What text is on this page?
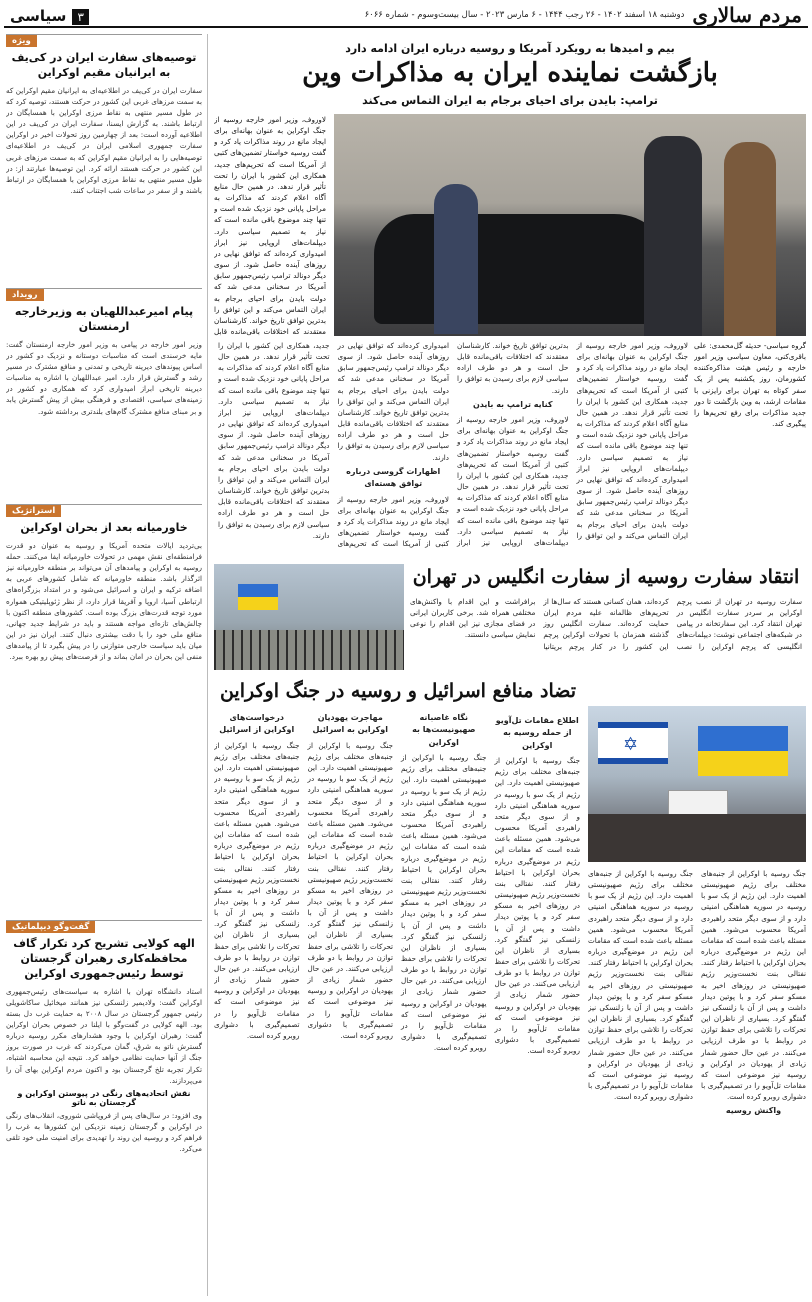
مردم سالاری
دوشنبه ۱۸ اسفند ۱۴۰۲ - ۲۶ رجب ۱۴۴۴ - ۶ مارس ۲۰۲۳ - سال بیست‌وسوم - شماره ۶۰۶۶
۳سیاسی
ویژه
توصیه‌های سفارت ایران در کی‌یف به ایرانیان مقیم اوکراین

سفارت ایران در کی‌یف در اطلاعیه‌ای به ایرانیان مقیم اوکراین که به سمت مرزهای غربی این کشور در حرکت هستند، توصیه کرد که در طول مسیر منتهی به نقاط مرزی اوکراین با همسایگان در ارتباط باشند. به گزارش ایسنا، سفارت ایران در کی‌یف در این اطلاعیه آورده است: بعد از چهارمین روز تحولات اخیر در اوکراین سفارت جمهوری اسلامی ایران در کی‌یف در اطلاعیه‌ای توصیه‌هایی را به ایرانیان مقیم اوکراین که به سمت مرزهای غربی این کشور در حرکت هستند ارائه کرد. این توصیه‌ها عبارتند از: در طول مسیر منتهی به نقاط مرزی اوکراین با همسایگان در ارتباط باشند و از سفر در ساعات شب اجتناب کنند.

رویداد
پیام امیرعبداللهیان به وزیرخارجه ارمنستان

وزیر امور خارجه در پیامی به وزیر امور خارجه ارمنستان گفت: مایه خرسندی است که مناسبات دوستانه و نزدیک دو کشور در اساس پیوندهای دیرینه تاریخی و تمدنی و منافع مشترک در مسیر رشد و گسترش قرار دارد. امیر عبداللهیان با اشاره به مناسبات دیرینه تاریخی ابراز امیدواری کرد که همکاری دو کشور در زمینه‌های سیاسی، اقتصادی و فرهنگی بیش از پیش گسترش یابد و بر مبنای منافع مشترک گام‌های بلندتری برداشته شود.

استراتژیک
خاورمیانه بعد از بحران اوکراین

بی‌تردید ایالات متحده آمریکا و روسیه به عنوان دو قدرت فرامنطقه‌ای نقش مهمی در تحولات خاورمیانه ایفا می‌کنند. حمله روسیه به اوکراین و پیامدهای آن می‌تواند بر منطقه خاورمیانه نیز اثرگذار باشد. منطقه خاورمیانه که شامل کشورهای عربی به اضافه ترکیه و ایران و اسرائیل می‌شود و در امتداد بزرگراه‌های ارتباطی آسیا، اروپا و آفریقا قرار دارد، از نظر ژئوپلیتیکی همواره مورد توجه قدرت‌های بزرگ بوده است. کشورهای منطقه اکنون با چالش‌های تازه‌ای مواجه هستند و باید در شرایط جدید جهانی، منافع ملی خود را با دقت بیشتری دنبال کنند. ایران نیز در این میان باید سیاست خارجی متوازنی را در پیش بگیرد تا از پیامدهای منفی این بحران در امان بماند و از فرصت‌های پیش رو بهره ببرد.

گفت‌وگو دیپلماتیک
الهه کولایی تشریح کرد تکرار گاف محافظه‌کاری رهبران گرجستان توسط رئیس‌جمهوری اوکراین

استاد دانشگاه تهران با اشاره به سیاست‌های رئیس‌جمهوری اوکراین گفت: ولادیمیر زلنسکی نیز همانند میخائیل ساکاشویلی رئیس جمهور گرجستان در سال ۲۰۰۸ به حمایت غرب دل بسته بود. الهه کولایی در گفت‌وگو با ایلنا در خصوص بحران اوکراین گفت: رهبران اوکراین با وجود هشدارهای مکرر روسیه درباره گسترش ناتو به شرق، گمان می‌کردند که غرب در صورت بروز جنگ از آنها حمایت نظامی خواهد کرد. نتیجه این محاسبه اشتباه، تکرار تجربه تلخ گرجستان بود و اکنون مردم اوکراین بهای آن را می‌پردازند.

نقش اتحادیه‌های رنگی در پیوستن اوکراین و گرجستان به ناتو

وی افزود: در سال‌های پس از فروپاشی شوروی، انقلاب‌های رنگی در اوکراین و گرجستان زمینه نزدیکی این کشورها به غرب را فراهم کرد و روسیه این روند را تهدیدی برای امنیت ملی خود تلقی می‌کرد.

بیم و امیدها به رویکرد آمریکا و روسیه درباره ایران ادامه دارد
بازگشت نماینده ایران به مذاکرات وین
ترامپ: بایدن برای احیای برجام به ایران التماس می‌کند

لاوروف، وزیر امور خارجه روسیه از جنگ اوکراین به عنوان بهانه‌ای برای ایجاد مانع در روند مذاکرات یاد کرد و گفت روسیه خواستار تضمین‌های کتبی از آمریکا است که تحریم‌های جدید، همکاری این کشور با ایران را تحت تأثیر قرار ندهد. در همین حال منابع آگاه اعلام کردند که مذاکرات به مراحل پایانی خود نزدیک شده است و تنها چند موضوع باقی مانده است که نیاز به تصمیم سیاسی دارد. دیپلمات‌های اروپایی نیز ابراز امیدواری کرده‌اند که توافق نهایی در روزهای آینده حاصل شود. از سوی دیگر دونالد ترامپ رئیس‌جمهور سابق آمریکا در سخنانی مدعی شد که دولت بایدن برای احیای برجام به ایران التماس می‌کند و این توافق را بدترین توافق تاریخ خواند. کارشناسان معتقدند که اختلافات باقی‌مانده قابل

گروه سیاسی- حدیثه گل‌محمدی: علی باقری‌کنی، معاون سیاسی وزیر امور خارجه و رئیس هیئت مذاکره‌کننده کشورمان، روز یکشنبه پس از یک سفر کوتاه به تهران برای رایزنی با مقامات ارشد، به وین بازگشت تا دور جدید مذاکرات برای رفع تحریم‌ها را پیگیری کند.

لاوروف، وزیر امور خارجه روسیه از جنگ اوکراین به عنوان بهانه‌ای برای ایجاد مانع در روند مذاکرات یاد کرد و گفت روسیه خواستار تضمین‌های کتبی از آمریکا است که تحریم‌های جدید، همکاری این کشور با ایران را تحت تأثیر قرار ندهد. در همین حال منابع آگاه اعلام کردند که مذاکرات به مراحل پایانی خود نزدیک شده است و تنها چند موضوع باقی مانده است که نیاز به تصمیم سیاسی دارد. دیپلمات‌های اروپایی نیز ابراز امیدواری کرده‌اند که توافق نهایی در روزهای آینده حاصل شود. از سوی دیگر دونالد ترامپ رئیس‌جمهور سابق آمریکا در سخنانی مدعی شد که دولت بایدن برای احیای برجام به ایران التماس می‌کند و این توافق را بدترین توافق تاریخ خواند. کارشناسان معتقدند که اختلافات باقی‌مانده قابل حل است و هر دو طرف اراده سیاسی لازم برای رسیدن به توافق را دارند.
کنایه ترامپ به بایدن
لاوروف، وزیر امور خارجه روسیه از جنگ اوکراین به عنوان بهانه‌ای برای ایجاد مانع در روند مذاکرات یاد کرد و گفت روسیه خواستار تضمین‌های کتبی از آمریکا است که تحریم‌های جدید، همکاری این کشور با ایران را تحت تأثیر قرار ندهد. در همین حال منابع آگاه اعلام کردند که مذاکرات به مراحل پایانی خود نزدیک شده است و تنها چند موضوع باقی مانده است که نیاز به تصمیم سیاسی دارد. دیپلمات‌های اروپایی نیز ابراز امیدواری کرده‌اند که توافق نهایی در روزهای آینده حاصل شود. از سوی دیگر دونالد ترامپ رئیس‌جمهور سابق آمریکا در سخنانی مدعی شد که دولت بایدن برای احیای برجام به ایران التماس می‌کند و این توافق را بدترین توافق تاریخ خواند. کارشناسان معتقدند که اختلافات باقی‌مانده قابل حل است و هر دو طرف اراده سیاسی لازم برای رسیدن به توافق را دارند.
اظهارات گروسی درباره توافق هسته‌ای
لاوروف، وزیر امور خارجه روسیه از جنگ اوکراین به عنوان بهانه‌ای برای ایجاد مانع در روند مذاکرات یاد کرد و گفت روسیه خواستار تضمین‌های کتبی از آمریکا است که تحریم‌های جدید، همکاری این کشور با ایران را تحت تأثیر قرار ندهد. در همین حال منابع آگاه اعلام کردند که مذاکرات به مراحل پایانی خود نزدیک شده است و تنها چند موضوع باقی مانده است که نیاز به تصمیم سیاسی دارد. دیپلمات‌های اروپایی نیز ابراز امیدواری کرده‌اند که توافق نهایی در روزهای آینده حاصل شود. از سوی دیگر دونالد ترامپ رئیس‌جمهور سابق آمریکا در سخنانی مدعی شد که دولت بایدن برای احیای برجام به ایران التماس می‌کند و این توافق را بدترین توافق تاریخ خواند. کارشناسان معتقدند که اختلافات باقی‌مانده قابل حل است و هر دو طرف اراده سیاسی لازم برای رسیدن به توافق را دارند.
انتقاد سفارت روسیه از سفارت انگلیس در تهران
سفارت روسیه در تهران از نصب پرچم اوکراین بر سردر سفارت انگلیس در تهران انتقاد کرد. این سفارتخانه در پیامی در شبکه‌های اجتماعی نوشت: دیپلمات‌های انگلیسی که پرچم اوکراین را نصب کرده‌اند، همان کسانی هستند که سال‌ها از تحریم‌های ظالمانه علیه مردم ایران حمایت کرده‌اند. سفارت انگلیس روز گذشته همزمان با تحولات اوکراین پرچم این کشور را در کنار پرچم بریتانیا برافراشت و این اقدام با واکنش‌های مختلفی همراه شد. برخی کاربران ایرانی در فضای مجازی نیز این اقدام را نوعی نمایش سیاسی دانستند.
تضاد منافع اسرائیل و روسیه در جنگ اوکراین
✡
جنگ روسیه با اوکراین از جنبه‌های مختلف برای رژیم صهیونیستی اهمیت دارد. این رژیم از یک سو با روسیه در سوریه هماهنگی امنیتی دارد و از سوی دیگر متحد راهبردی آمریکا محسوب می‌شود. همین مسئله باعث شده است که مقامات این رژیم در موضع‌گیری درباره بحران اوکراین با احتیاط رفتار کنند. نفتالی بنت نخست‌وزیر رژیم صهیونیستی در روزهای اخیر به مسکو سفر کرد و با پوتین دیدار داشت و پس از آن با زلنسکی نیز گفتگو کرد. بسیاری از ناظران این تحرکات را تلاشی برای حفظ توازن در روابط با دو طرف ارزیابی می‌کنند. در عین حال حضور شمار زیادی از یهودیان در اوکراین و روسیه نیز موضوعی است که مقامات تل‌آویو را در تصمیم‌گیری با دشواری روبرو کرده است.
واکنش روسیه
جنگ روسیه با اوکراین از جنبه‌های مختلف برای رژیم صهیونیستی اهمیت دارد. این رژیم از یک سو با روسیه در سوریه هماهنگی امنیتی دارد و از سوی دیگر متحد راهبردی آمریکا محسوب می‌شود. همین مسئله باعث شده است که مقامات این رژیم در موضع‌گیری درباره بحران اوکراین با احتیاط رفتار کنند. نفتالی بنت نخست‌وزیر رژیم صهیونیستی در روزهای اخیر به مسکو سفر کرد و با پوتین دیدار داشت و پس از آن با زلنسکی نیز گفتگو کرد. بسیاری از ناظران این تحرکات را تلاشی برای حفظ توازن در روابط با دو طرف ارزیابی می‌کنند. در عین حال حضور شمار زیادی از یهودیان در اوکراین و روسیه نیز موضوعی است که مقامات تل‌آویو را در تصمیم‌گیری با دشواری روبرو کرده است.
اطلاع مقامات تل‌آویو از حمله روسیه به اوکراین
جنگ روسیه با اوکراین از جنبه‌های مختلف برای رژیم صهیونیستی اهمیت دارد. این رژیم از یک سو با روسیه در سوریه هماهنگی امنیتی دارد و از سوی دیگر متحد راهبردی آمریکا محسوب می‌شود. همین مسئله باعث شده است که مقامات این رژیم در موضع‌گیری درباره بحران اوکراین با احتیاط رفتار کنند. نفتالی بنت نخست‌وزیر رژیم صهیونیستی در روزهای اخیر به مسکو سفر کرد و با پوتین دیدار داشت و پس از آن با زلنسکی نیز گفتگو کرد. بسیاری از ناظران این تحرکات را تلاشی برای حفظ توازن در روابط با دو طرف ارزیابی می‌کنند. در عین حال حضور شمار زیادی از یهودیان در اوکراین و روسیه نیز موضوعی است که مقامات تل‌آویو را در تصمیم‌گیری با دشواری روبرو کرده است.
نگاه غاصبانه صهیونیست‌ها به اوکراین
جنگ روسیه با اوکراین از جنبه‌های مختلف برای رژیم صهیونیستی اهمیت دارد. این رژیم از یک سو با روسیه در سوریه هماهنگی امنیتی دارد و از سوی دیگر متحد راهبردی آمریکا محسوب می‌شود. همین مسئله باعث شده است که مقامات این رژیم در موضع‌گیری درباره بحران اوکراین با احتیاط رفتار کنند. نفتالی بنت نخست‌وزیر رژیم صهیونیستی در روزهای اخیر به مسکو سفر کرد و با پوتین دیدار داشت و پس از آن با زلنسکی نیز گفتگو کرد. بسیاری از ناظران این تحرکات را تلاشی برای حفظ توازن در روابط با دو طرف ارزیابی می‌کنند. در عین حال حضور شمار زیادی از یهودیان در اوکراین و روسیه نیز موضوعی است که مقامات تل‌آویو را در تصمیم‌گیری با دشواری روبرو کرده است.
مهاجرت یهودیان اوکراین به اسرائیل
جنگ روسیه با اوکراین از جنبه‌های مختلف برای رژیم صهیونیستی اهمیت دارد. این رژیم از یک سو با روسیه در سوریه هماهنگی امنیتی دارد و از سوی دیگر متحد راهبردی آمریکا محسوب می‌شود. همین مسئله باعث شده است که مقامات این رژیم در موضع‌گیری درباره بحران اوکراین با احتیاط رفتار کنند. نفتالی بنت نخست‌وزیر رژیم صهیونیستی در روزهای اخیر به مسکو سفر کرد و با پوتین دیدار داشت و پس از آن با زلنسکی نیز گفتگو کرد. بسیاری از ناظران این تحرکات را تلاشی برای حفظ توازن در روابط با دو طرف ارزیابی می‌کنند. در عین حال حضور شمار زیادی از یهودیان در اوکراین و روسیه نیز موضوعی است که مقامات تل‌آویو را در تصمیم‌گیری با دشواری روبرو کرده است.
درخواست‌های اوکراین از اسرائیل
جنگ روسیه با اوکراین از جنبه‌های مختلف برای رژیم صهیونیستی اهمیت دارد. این رژیم از یک سو با روسیه در سوریه هماهنگی امنیتی دارد و از سوی دیگر متحد راهبردی آمریکا محسوب می‌شود. همین مسئله باعث شده است که مقامات این رژیم در موضع‌گیری درباره بحران اوکراین با احتیاط رفتار کنند. نفتالی بنت نخست‌وزیر رژیم صهیونیستی در روزهای اخیر به مسکو سفر کرد و با پوتین دیدار داشت و پس از آن با زلنسکی نیز گفتگو کرد. بسیاری از ناظران این تحرکات را تلاشی برای حفظ توازن در روابط با دو طرف ارزیابی می‌کنند. در عین حال حضور شمار زیادی از یهودیان در اوکراین و روسیه نیز موضوعی است که مقامات تل‌آویو را در تصمیم‌گیری با دشواری روبرو کرده است.
